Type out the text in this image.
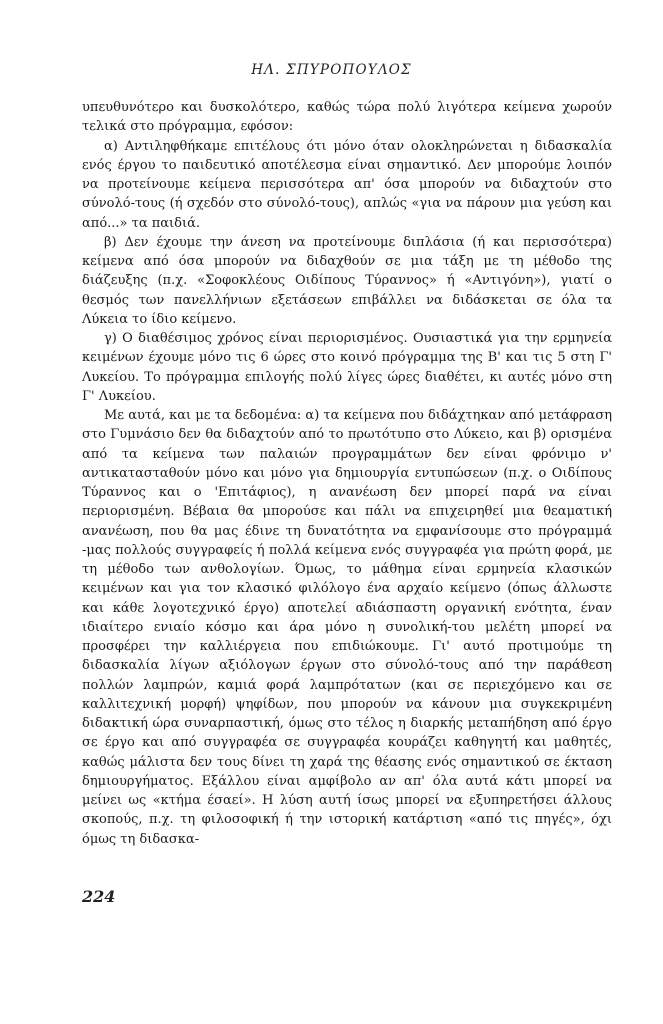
ΗΛ. ΣΠΥΡΟΠΟΥΛΟΣ

υπευθυνότερο και δυσκολότερο, καθώς τώρα πολύ λιγότερα κείμενα χωρούν τελικά στο πρόγραμμα, εφόσον:

α) Αντιληφθήκαμε επιτέλους ότι μόνο όταν ολοκληρώνεται η διδασκαλία ενός έργου το παιδευτικό αποτέλεσμα είναι σημαντικό. Δεν μπορούμε λοιπόν να προτείνουμε κείμενα περισσότερα απ' όσα μπορούν να διδαχτούν στο σύνολό-τους (ή σχεδόν στο σύνολό-τους), απλώς «για να πάρουν μια γεύση και από...» τα παιδιά.

β) Δεν έχουμε την άνεση να προτείνουμε διπλάσια (ή και περισσότερα) κείμενα από όσα μπορούν να διδαχθούν σε μια τάξη με τη μέθοδο της διάζευξης (π.χ. «Σοφοκλέους Οιδίπους Τύραννος» ή «Αντιγόνη»), γιατί ο θεσμός των πανελλήνιων εξετάσεων επιβάλλει να διδάσκεται σε όλα τα Λύκεια το ίδιο κείμενο.

γ) Ο διαθέσιμος χρόνος είναι περιορισμένος. Ουσιαστικά για την ερμηνεία κειμένων έχουμε μόνο τις 6 ώρες στο κοινό πρόγραμμα της Β' και τις 5 στη Γ' Λυκείου. Το πρόγραμμα επιλογής πολύ λίγες ώρες διαθέτει, κι αυτές μόνο στη Γ' Λυκείου.

Με αυτά, και με τα δεδομένα: α) τα κείμενα που διδάχτηκαν από μετάφραση στο Γυμνάσιο δεν θα διδαχτούν από το πρωτότυπο στο Λύκειο, και β) ορισμένα από τα κείμενα των παλαιών προγραμμάτων δεν είναι φρόνιμο ν' αντικατασταθούν μόνο και μόνο για δημιουργία εντυπώσεων (π.χ. ο Οιδίπους Τύραννος και ο 'Επιτάφιος), η ανανέωση δεν μπορεί παρά να είναι περιορισμένη. Βέβαια θα μπορούσε και πάλι να επιχειρηθεί μια θεαματική ανανέωση, που θα μας έδινε τη δυνατότητα να εμφανίσουμε στο πρόγραμμά -μας πολλούς συγγραφείς ή πολλά κείμενα ενός συγγραφέα για πρώτη φορά, με τη μέθοδο των ανθολογίων. Όμως, το μάθημα είναι ερμηνεία κλασικών κειμένων και για τον κλασικό φιλόλογο ένα αρχαίο κείμενο (όπως άλλωστε και κάθε λογοτεχνικό έργο) αποτελεί αδιάσπαστη οργανική ενότητα, έναν ιδιαίτερο ενιαίο κόσμο και άρα μόνο η συνολική-του μελέτη μπορεί να προσφέρει την καλλιέργεια που επιδιώκουμε. Γι' αυτό προτιμούμε τη διδασκαλία λίγων αξιόλογων έργων στο σύνολό-τους από την παράθεση πολλών λαμπρών, καμιά φορά λαμπρότατων (και σε περιεχόμενο και σε καλλιτεχνική μορφή) ψηφίδων, που μπορούν να κάνουν μια συγκεκριμένη διδακτική ώρα συναρπαστική, όμως στο τέλος η διαρκής μεταπήδηση από έργο σε έργο και από συγγραφέα σε συγγραφέα κουράζει καθηγητή και μαθητές, καθώς μάλιστα δεν τους δίνει τη χαρά της θέασης ενός σημαντικού σε έκταση δημιουργήματος. Εξάλλου είναι αμφίβολο αν απ' όλα αυτά κάτι μπορεί να μείνει ως «κτήμα έσαεί». Η λύση αυτή ίσως μπορεί να εξυπηρετήσει άλλους σκοπούς, π.χ. τη φιλοσοφική ή την ιστορική κατάρτιση «από τις πηγές», όχι όμως τη διδασκα-

224
